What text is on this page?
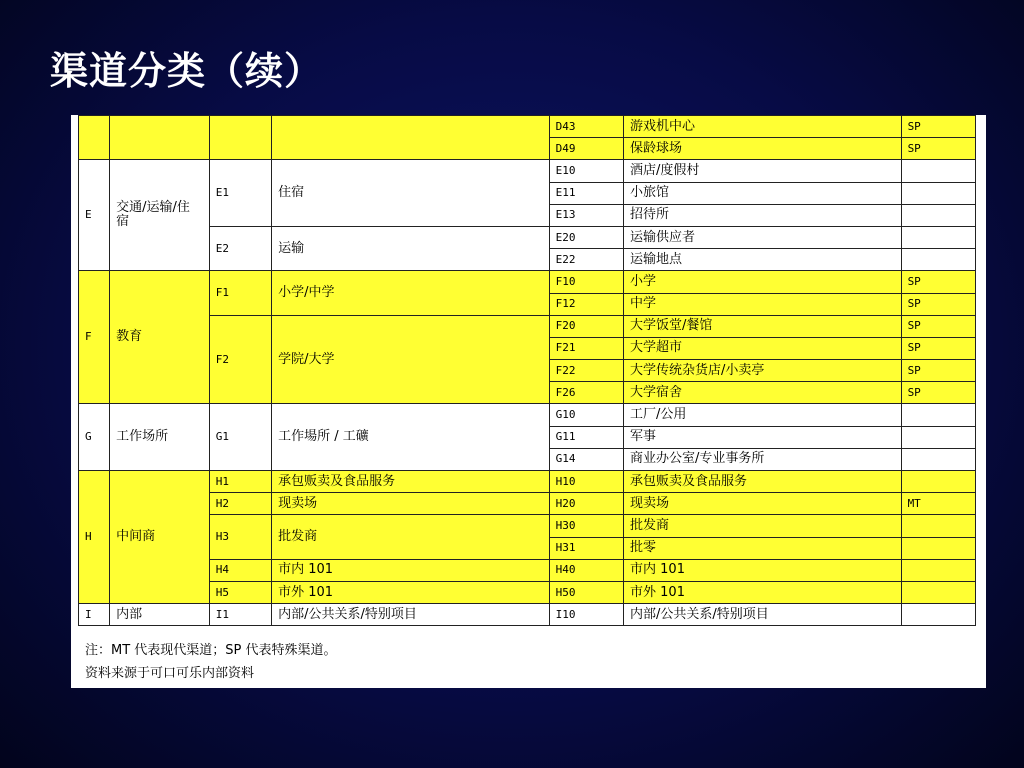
渠道分类（续）
				D43	游戏机中心	SP
				D49	保龄球场	SP
E	交通/运输/住宿	E1	住宿	E10	酒店/度假村	
				E11	小旅馆	
				E13	招待所	
		E2	运输	E20	运输供应者	
				E22	运输地点	
F	教育	F1	小学/中学	F10	小学	SP
				F12	中学	SP
		F2	学院/大学	F20	大学饭堂/餐馆	SP
				F21	大学超市	SP
				F22	大学传统杂货店/小卖亭	SP
				F26	大学宿舍	SP
G	工作场所	G1	工作場所 / 工礦	G10	工厂/公用	
				G11	军事	
				G14	商业办公室/专业事务所	
H	中间商	H1	承包贩卖及食品服务	H10	承包贩卖及食品服务	
		H2	现卖场	H20	现卖场	MT
		H3	批发商	H30	批发商	
				H31	批零	
		H4	市内 101	H40	市内 101	
		H5	市外 101	H50	市外 101	
I	内部	I1	内部/公共关系/特别项目	I10	内部/公共关系/特别项目	
注：MT 代表现代渠道；SP 代表特殊渠道。
资料来源于可口可乐内部资料
